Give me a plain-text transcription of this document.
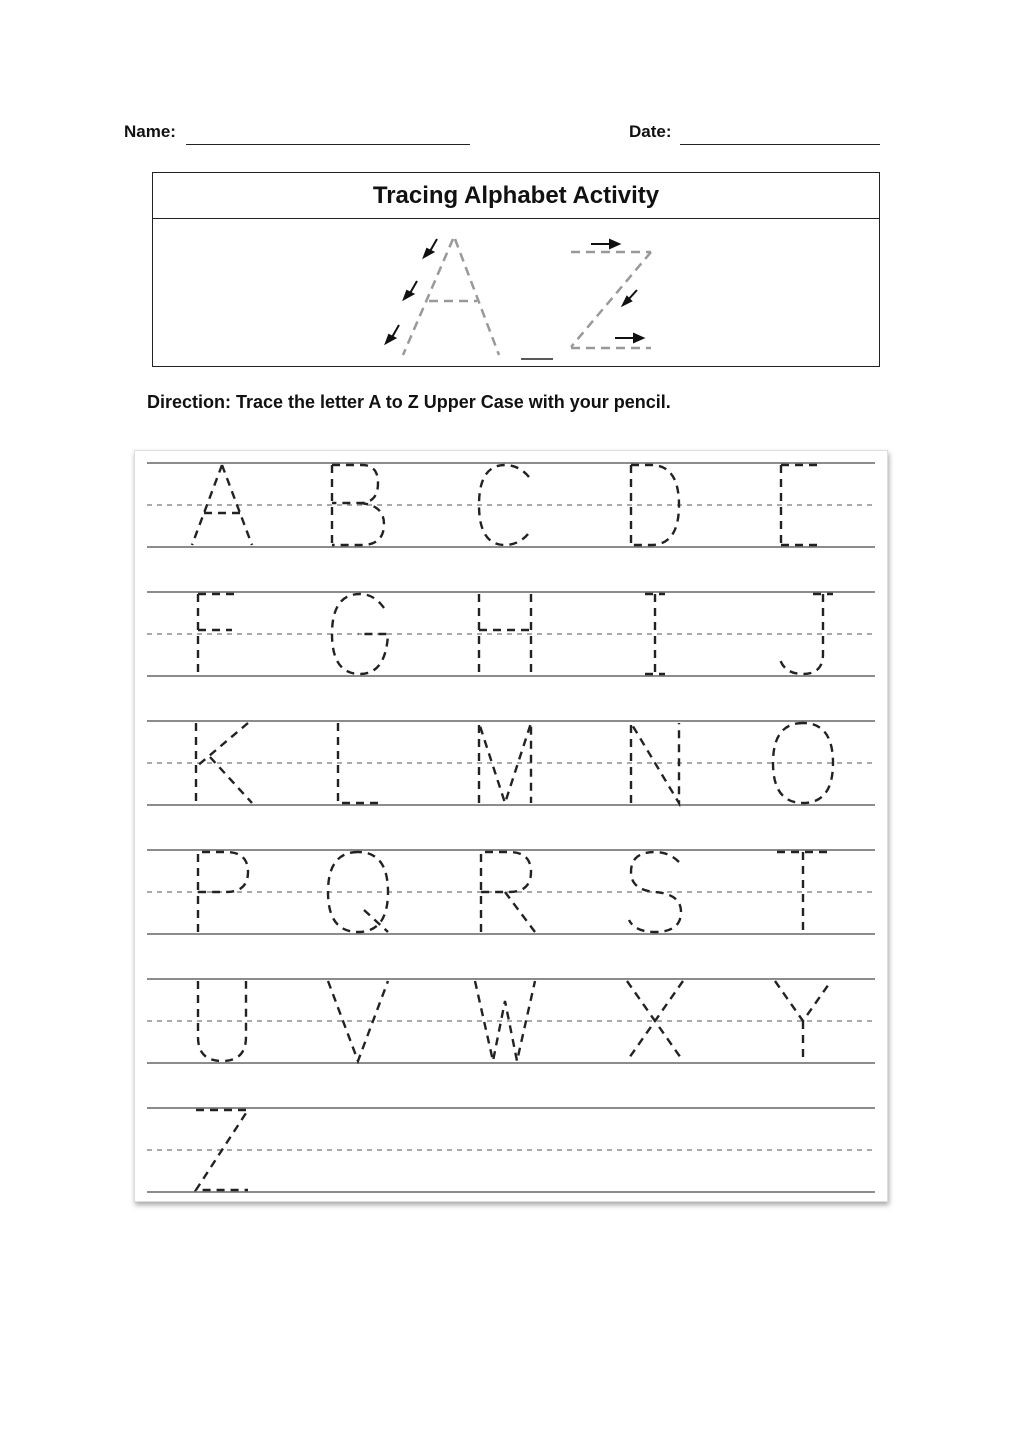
Name:	Date:
Tracing Alphabet Activity
Direction: Trace the letter A to Z Upper Case with your pencil.
